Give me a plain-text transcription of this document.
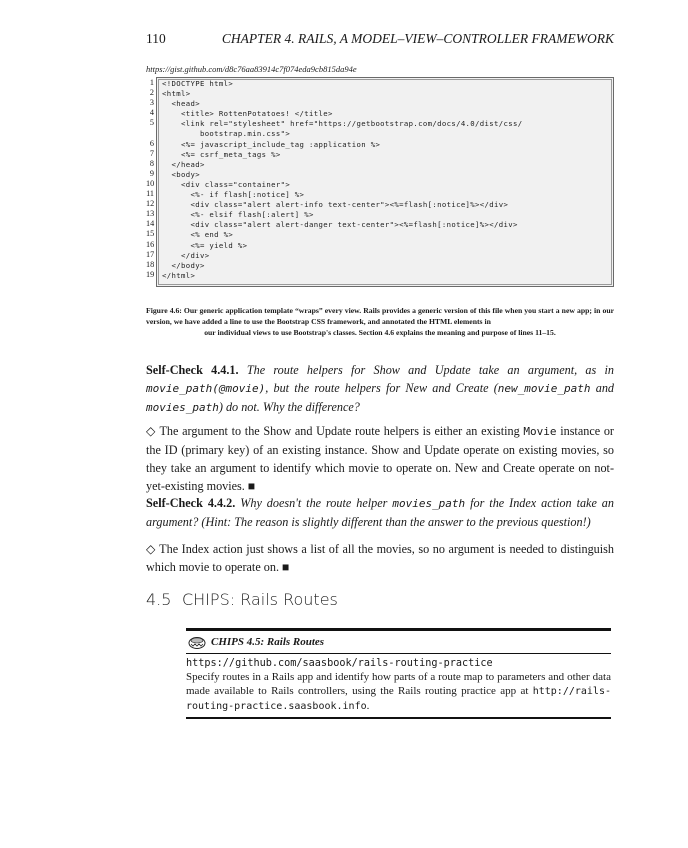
110	CHAPTER 4. RAILS, A MODEL–VIEW–CONTROLLER FRAMEWORK
https://gist.github.com/d8c76aa83914c7f074eda9cb815da94e
1
2
3
4
5
6
7
8
9
10
11
12
13
14
15
16
17
18
19
<!DOCTYPE html>
<html>
<head>
<title> RottenPotatoes! </title>
<link rel="stylesheet" href="https://getbootstrap.com/docs/4.0/dist/css/
bootstrap.min.css">
<%= javascript_include_tag :application %>
<%= csrf_meta_tags %>
</head>
<body>
<div class="container">
<%- if flash[:notice] %>
<div class="alert alert-info text-center"><%=flash[:notice]%></div>
<%- elsif flash[:alert] %>
<div class="alert alert-danger text-center"><%=flash[:notice]%></div>
<% end %>
<%= yield %>
</div>
</body>
</html>
Figure 4.6: Our generic application template “wraps” every view. Rails provides a generic version of this file when you start a new app; in our version, we have added a line to use the Bootstrap CSS framework, and annotated the HTML elements in
our individual views to use Bootstrap's classes. Section 4.6 explains the meaning and purpose of lines 11–15.
Self-Check 4.4.1. The route helpers for Show and Update take an argument, as in movie_path(@movie), but the route helpers for New and Create (new_movie_path and movies_path) do not. Why the difference?
◇ The argument to the Show and Update route helpers is either an existing Movie instance or the ID (primary key) of an existing instance. Show and Update operate on existing movies, so they take an argument to identify which movie to operate on. New and Create operate on not-yet-existing movies. ■
Self-Check 4.4.2. Why doesn't the route helper movies_path for the Index action take an argument? (Hint: The reason is slightly different than the answer to the previous question!)
◇ The Index action just shows a list of all the movies, so no argument is needed to distinguish which movie to operate on. ■
4.5 CHIPS: Rails Routes
CHIPS 4.5: Rails Routes
https://github.com/saasbook/rails-routing-practice
Specify routes in a Rails app and identify how parts of a route map to parameters and other data made available to Rails controllers, using the Rails routing practice app at http://rails-routing-practice.saasbook.info.
